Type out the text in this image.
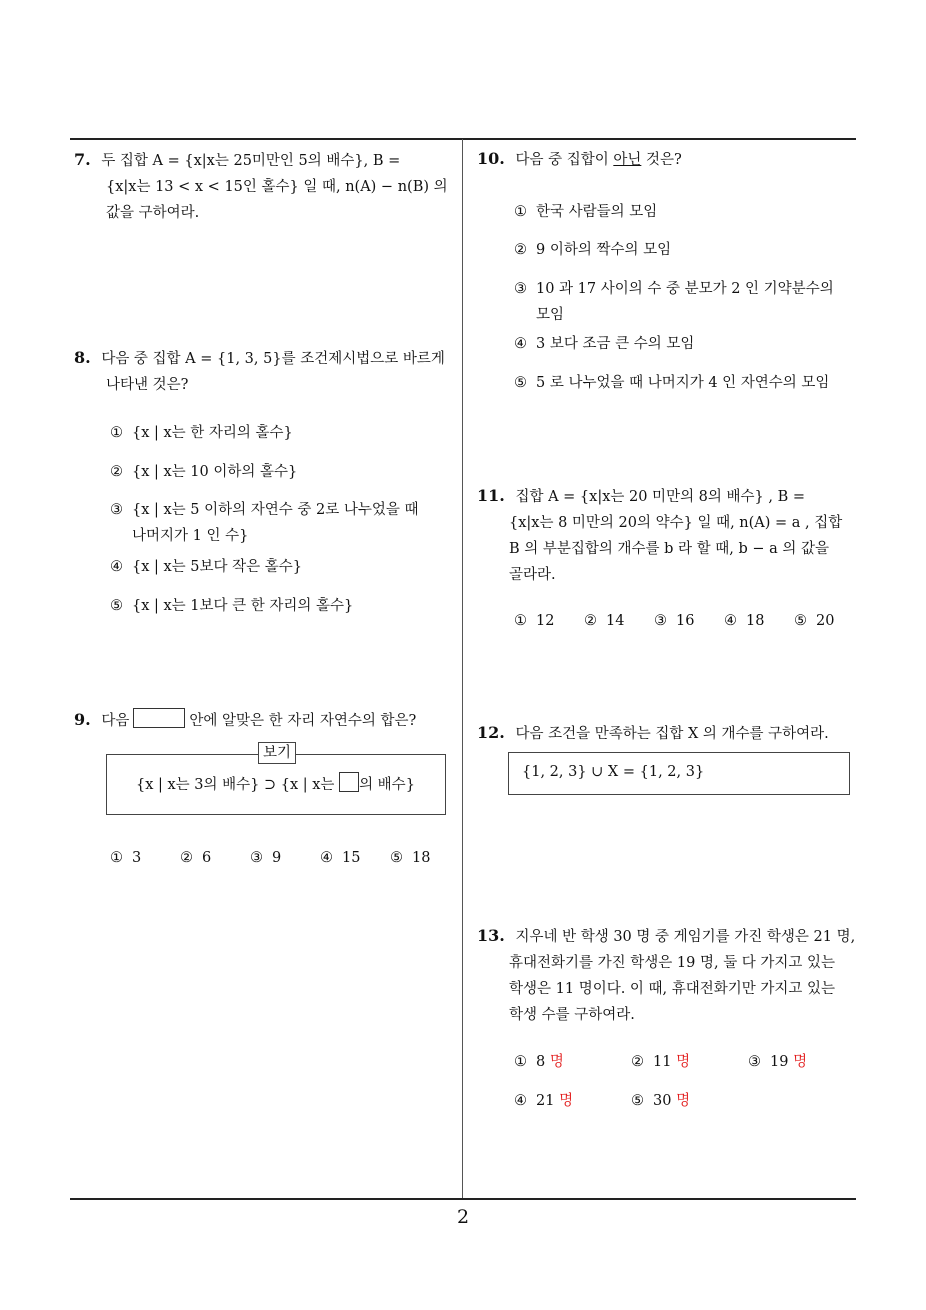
2
7. 두 집합 A = {x|x는 25미만인 5의 배수}, B =
{x|x는 13 < x < 15인 홀수} 일 때, n(A) − n(B) 의
값을 구하여라.
8. 다음 중 집합 A = {1, 3, 5}를 조건제시법으로 바르게
나타낸 것은?
① {x | x는 한 자리의 홀수}
② {x | x는 10 이하의 홀수}
③ {x | x는 5 이하의 자연수 중 2로 나누었을 때
나머지가 1 인 수}
④ {x | x는 5보다 작은 홀수}
⑤ {x | x는 1보다 큰 한 자리의 홀수}
9. 다음	안에 알맞은 한 자리 자연수의 합은?
보기
{x | x는 3의 배수} ⊃ {x | x는 의 배수}
① 3	② 6	③ 9	④ 15 ⑤ 18
10. 다음 중 집합이 아닌 것은?
① 한국 사람들의 모임
② 9 이하의 짝수의 모임
③ 10 과 17 사이의 수 중 분모가 2 인 기약분수의
모임
④ 3 보다 조금 큰 수의 모임
⑤ 5 로 나누었을 때 나머지가 4 인 자연수의 모임
11. 집합 A = {x|x는 20 미만의 8의 배수} , B =
{x|x는 8 미만의 20의 약수} 일 때, n(A) = a , 집합
B 의 부분집합의 개수를 b 라 할 때, b − a 의 값을
골라라.
① 12 ② 14 ③ 16 ④ 18 ⑤ 20
12. 다음 조건을 만족하는 집합 X 의 개수를 구하여라.
{1, 2, 3} ∪ X = {1, 2, 3}
13. 지우네 반 학생 30 명 중 게임기를 가진 학생은 21 명,
휴대전화기를 가진 학생은 19 명, 둘 다 가지고 있는
학생은 11 명이다. 이 때, 휴대전화기만 가지고 있는
학생 수를 구하여라.
① 8 명	② 11 명	③ 19 명
④ 21 명	⑤ 30 명
